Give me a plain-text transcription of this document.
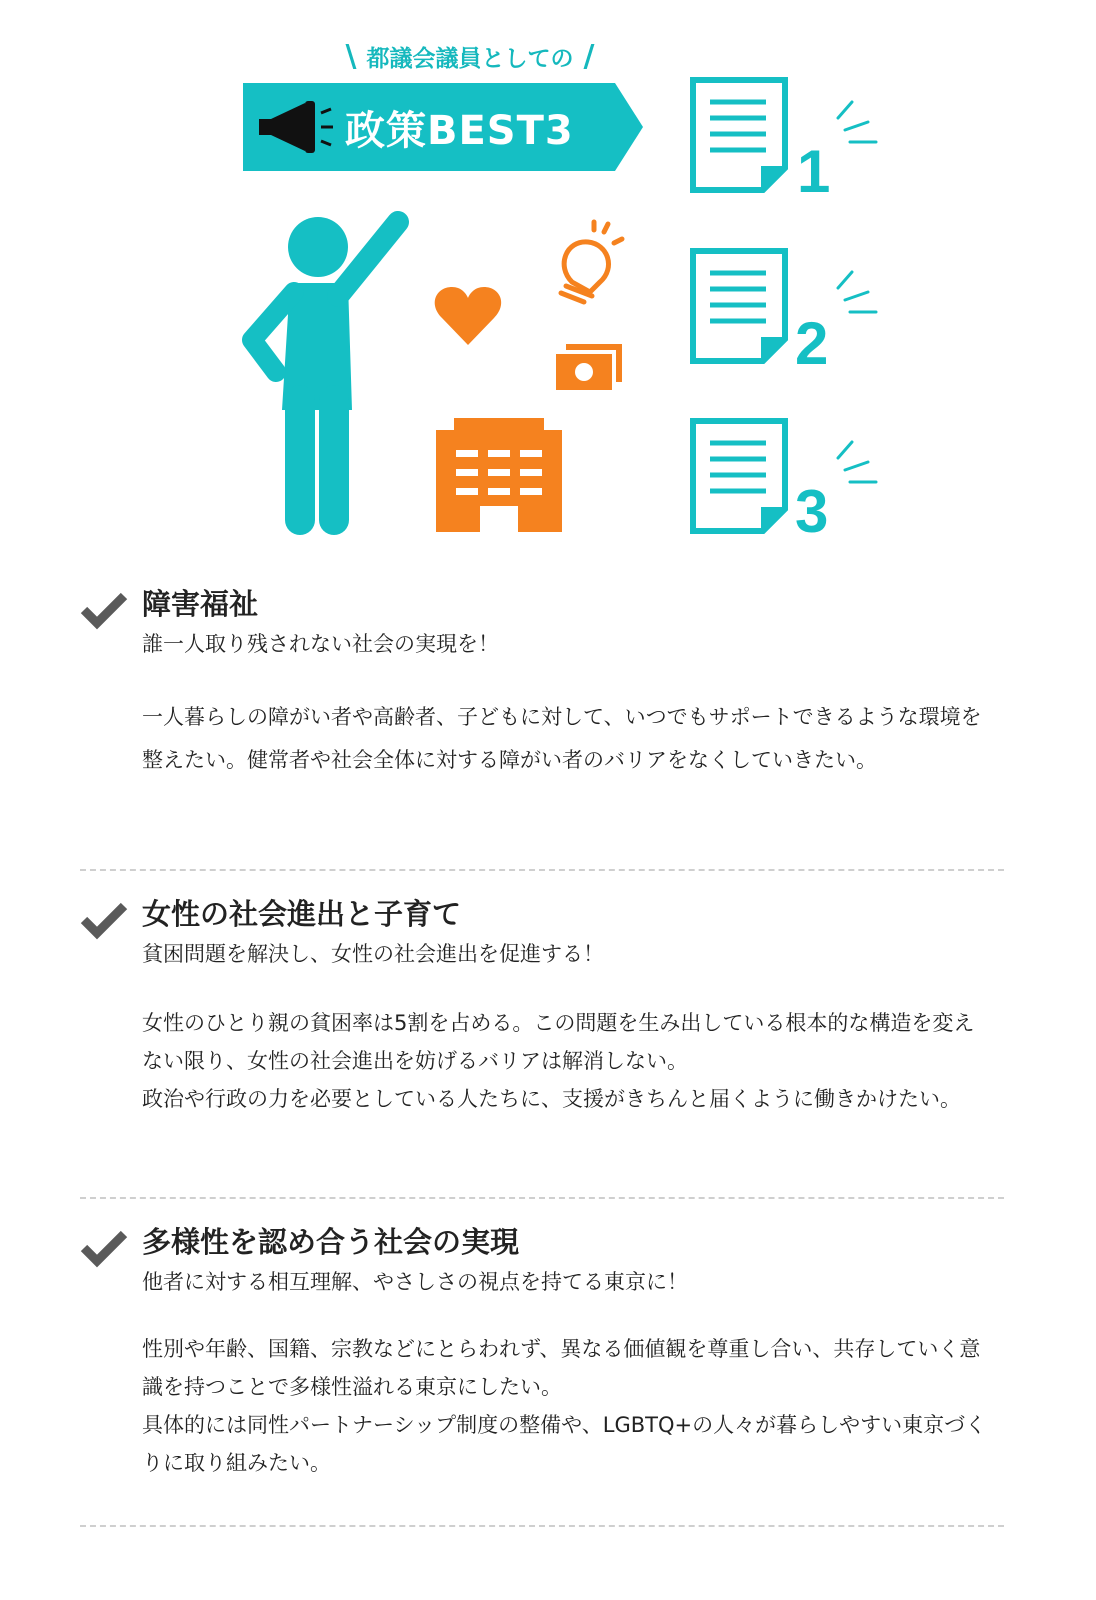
\ 都議会議員としての /
政策BEST3
1
2
3
障害福祉

誰一人取り残されない社会の実現を！

一人暮らしの障がい者や高齢者、子どもに対して、いつでもサポートできるような環境を整えたい。健常者や社会全体に対する障がい者のバリアをなくしていきたい。

女性の社会進出と子育て

貧困問題を解決し、女性の社会進出を促進する！

女性のひとり親の貧困率は5割を占める。この問題を生み出している根本的な構造を変えない限り、女性の社会進出を妨げるバリアは解消しない。
政治や行政の力を必要としている人たちに、支援がきちんと届くように働きかけたい。

多様性を認め合う社会の実現

他者に対する相互理解、やさしさの視点を持てる東京に！

性別や年齢、国籍、宗教などにとらわれず、異なる価値観を尊重し合い、共存していく意識を持つことで多様性溢れる東京にしたい。
具体的には同性パートナーシップ制度の整備や、LGBTQ+の人々が暮らしやすい東京づくりに取り組みたい。
